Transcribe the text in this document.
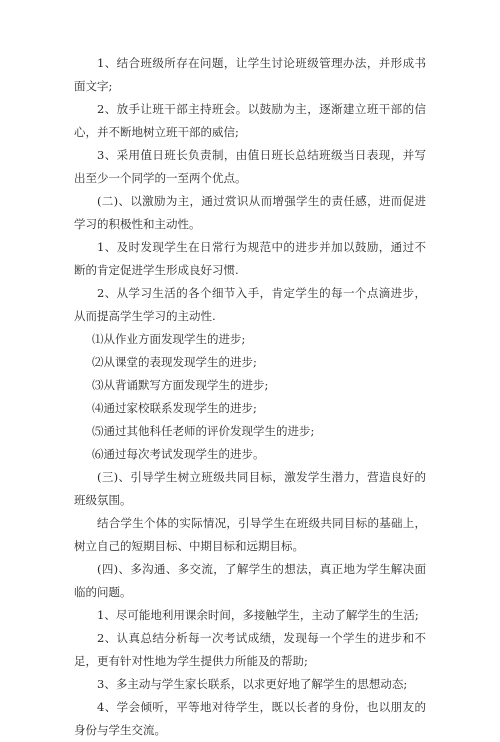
1、结合班级所存在问题，让学生讨论班级管理办法，并形成书面文字;

2、放手让班干部主持班会。以鼓励为主，逐渐建立班干部的信心，并不断地树立班干部的威信;

3、采用值日班长负责制，由值日班长总结班级当日表现，并写出至少一个同学的一至两个优点。

(二)、以激励为主，通过赏识从而增强学生的责任感，进而促进学习的积极性和主动性。

1、及时发现学生在日常行为规范中的进步并加以鼓励，通过不断的肯定促进学生形成良好习惯.

2、从学习生活的各个细节入手，肯定学生的每一个点滴进步，从而提高学生学习的主动性.

⑴从作业方面发现学生的进步;

⑵从课堂的表现发现学生的进步;

⑶从背诵默写方面发现学生的进步;

⑷通过家校联系发现学生的进步;

⑸通过其他科任老师的评价发现学生的进步;

⑹通过每次考试发现学生的进步。

(三)、引导学生树立班级共同目标，激发学生潜力，营造良好的班级氛围。

结合学生个体的实际情况，引导学生在班级共同目标的基础上，树立自己的短期目标、中期目标和远期目标。

(四)、多沟通、多交流，了解学生的想法，真正地为学生解决面临的问题。

1、尽可能地利用课余时间，多接触学生，主动了解学生的生活;

2、认真总结分析每一次考试成绩，发现每一个学生的进步和不足，更有针对性地为学生提供力所能及的帮助;

3、多主动与学生家长联系，以求更好地了解学生的思想动态;

4、学会倾听，平等地对待学生，既以长者的身份，也以朋友的身份与学生交流。
